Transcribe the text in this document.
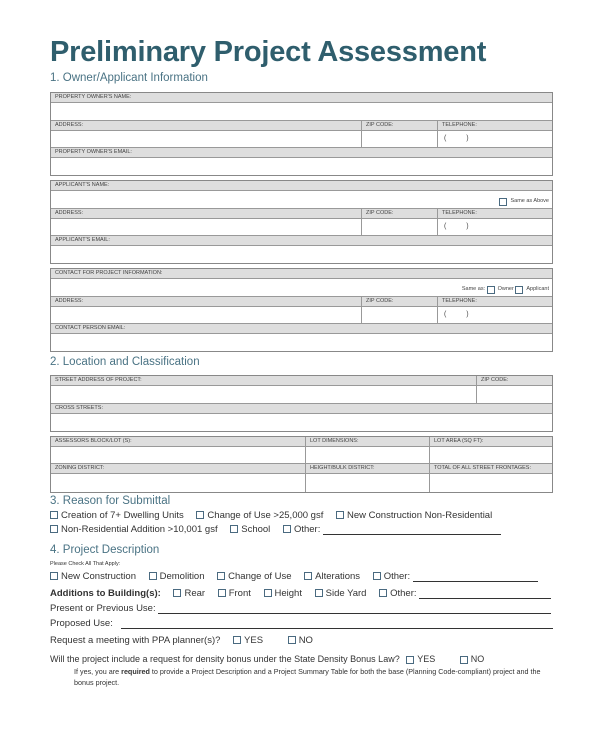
Preliminary Project Assessment
1. Owner/Applicant Information
PROPERTY OWNER'S NAME:
ADDRESS:	ZIP CODE:	TELEPHONE:
( )
PROPERTY OWNER'S EMAIL:
APPLICANT'S NAME:
Same as Above
ADDRESS:	ZIP CODE:	TELEPHONE:
( )
APPLICANT'S EMAIL:
CONTACT FOR PROJECT INFORMATION:
Same as: Owner Applicant
ADDRESS:	ZIP CODE:	TELEPHONE:
( )
CONTACT PERSON EMAIL:
2. Location and Classification
STREET ADDRESS OF PROJECT:	ZIP CODE:
CROSS STREETS:
ASSESSORS BLOCK/LOT (S):	LOT DIMENSIONS:	LOT AREA (SQ FT):
ZONING DISTRICT:	HEIGHT/BULK DISTRICT:	TOTAL OF ALL STREET FRONTAGES:
3. Reason for Submittal
Creation of 7+ Dwelling Units Change of Use >25,000 gsf New Construction Non-Residential
Non-Residential Addition >10,001 gsf School Other:
4. Project Description
Please Check All That Apply:
New Construction Demolition Change of Use Alterations Other:
Additions to Building(s): Rear Front Height Side Yard Other:
Present or Previous Use:
Proposed Use:
Request a meeting with PPA planner(s)? YES	NO
Will the project include a request for density bonus under the State Density Bonus Law? YES	NO
If yes, you are required to provide a Project Description and a Project Summary Table for both the base (Planning Code-compliant) project and the bonus project.
